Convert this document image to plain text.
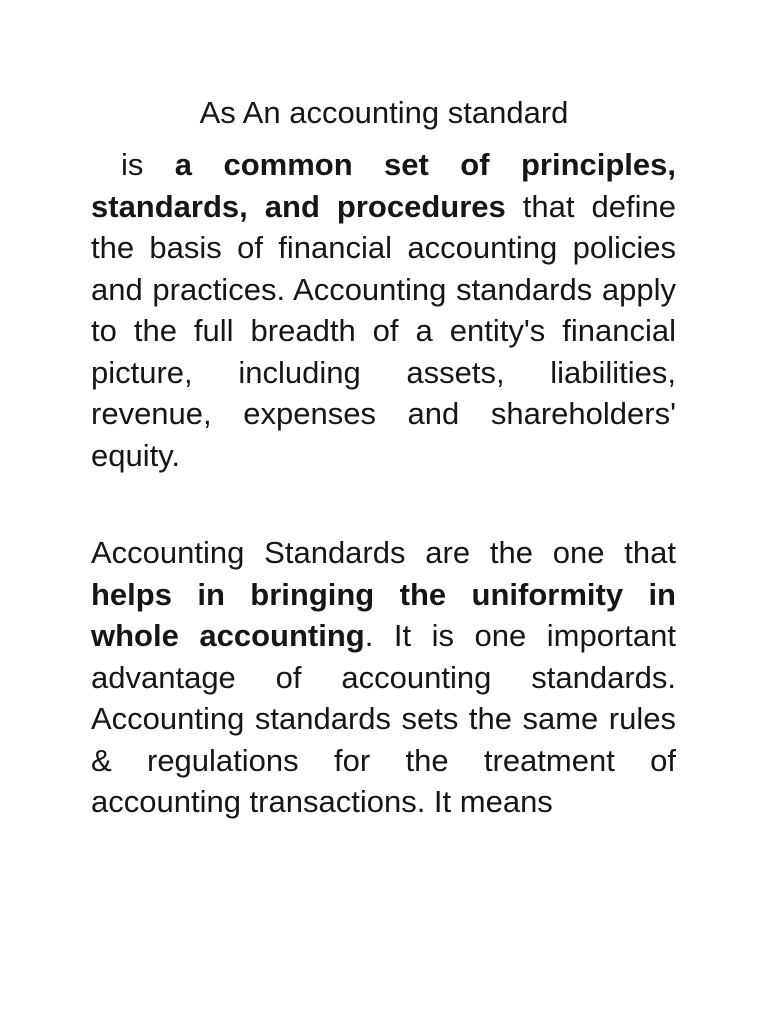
As An accounting standard

is a common set of principles, standards, and procedures that define the basis of financial accounting policies and practices. Accounting standards apply to the full breadth of a entity's financial picture, including assets, liabilities, revenue, expenses and shareholders' equity.

Accounting Standards are the one that helps in bringing the uniformity in whole accounting. It is one important advantage of accounting standards. Accounting standards sets the same rules & regulations for the treatment of accounting transactions. It means
